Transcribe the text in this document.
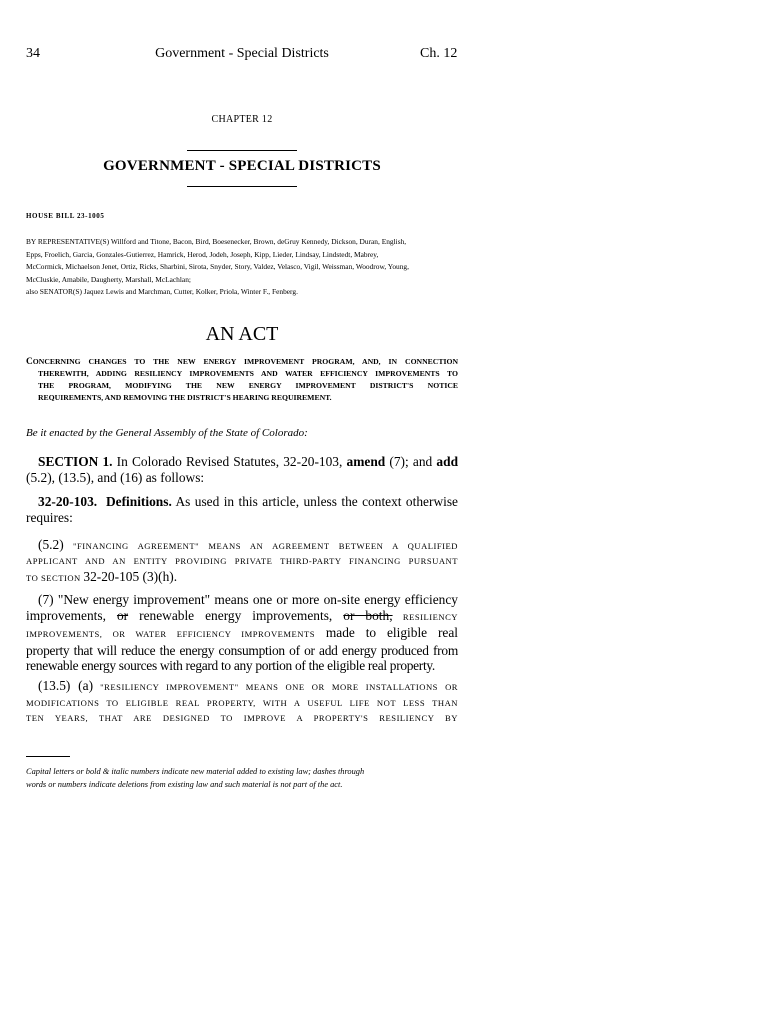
34	Government - Special Districts	Ch. 12
CHAPTER 12
GOVERNMENT - SPECIAL DISTRICTS
HOUSE BILL 23-1005
BY REPRESENTATIVE(S) Willford and Titone, Bacon, Bird, Boesenecker, Brown, deGruy Kennedy, Dickson, Duran, English,
Epps, Froelich, Garcia, Gonzales-Gutierrez, Hamrick, Herod, Jodeh, Joseph, Kipp, Lieder, Lindsay, Lindstedt, Mabrey,
McCormick, Michaelson Jenet, Ortiz, Ricks, Sharbini, Sirota, Snyder, Story, Valdez, Velasco, Vigil, Weissman, Woodrow, Young,
McCluskie, Amabile, Daugherty, Marshall, McLachlan;
also SENATOR(S) Jaquez Lewis and Marchman, Cutter, Kolker, Priola, Winter F., Fenberg.
AN ACT
CONCERNING CHANGES TO THE NEW ENERGY IMPROVEMENT PROGRAM, AND, IN CONNECTION
THEREWITH, ADDING RESILIENCY IMPROVEMENTS AND WATER EFFICIENCY IMPROVEMENTS TO
THE PROGRAM, MODIFYING THE NEW ENERGY IMPROVEMENT DISTRICT'S NOTICE
REQUIREMENTS, AND REMOVING THE DISTRICT'S HEARING REQUIREMENT.
Be it enacted by the General Assembly of the State of Colorado:
SECTION 1. In Colorado Revised Statutes, 32-20-103, amend (7); and add
(5.2), (13.5), and (16) as follows:
32-20-103. Definitions. As used in this article, unless the context otherwise
requires:
(5.2) "FINANCING AGREEMENT" MEANS AN AGREEMENT BETWEEN A QUALIFIED
APPLICANT AND AN ENTITY PROVIDING PRIVATE THIRD-PARTY FINANCING PURSUANT
TO SECTION 32-20-105 (3)(h).
(7) "New energy improvement" means one or more on-site energy efficiency
improvements, or renewable energy improvements, or both, RESILIENCY
IMPROVEMENTS, OR WATER EFFICIENCY IMPROVEMENTS made to eligible real
property that will reduce the energy consumption of or add energy produced from
renewable energy sources with regard to any portion of the eligible real property.
(13.5) (a) "RESILIENCY IMPROVEMENT" MEANS ONE OR MORE INSTALLATIONS OR
MODIFICATIONS TO ELIGIBLE REAL PROPERTY, WITH A USEFUL LIFE NOT LESS THAN
TEN YEARS, THAT ARE DESIGNED TO IMPROVE A PROPERTY'S RESILIENCY BY
Capital letters or bold & italic numbers indicate new material added to existing law; dashes through
words or numbers indicate deletions from existing law and such material is not part of the act.
